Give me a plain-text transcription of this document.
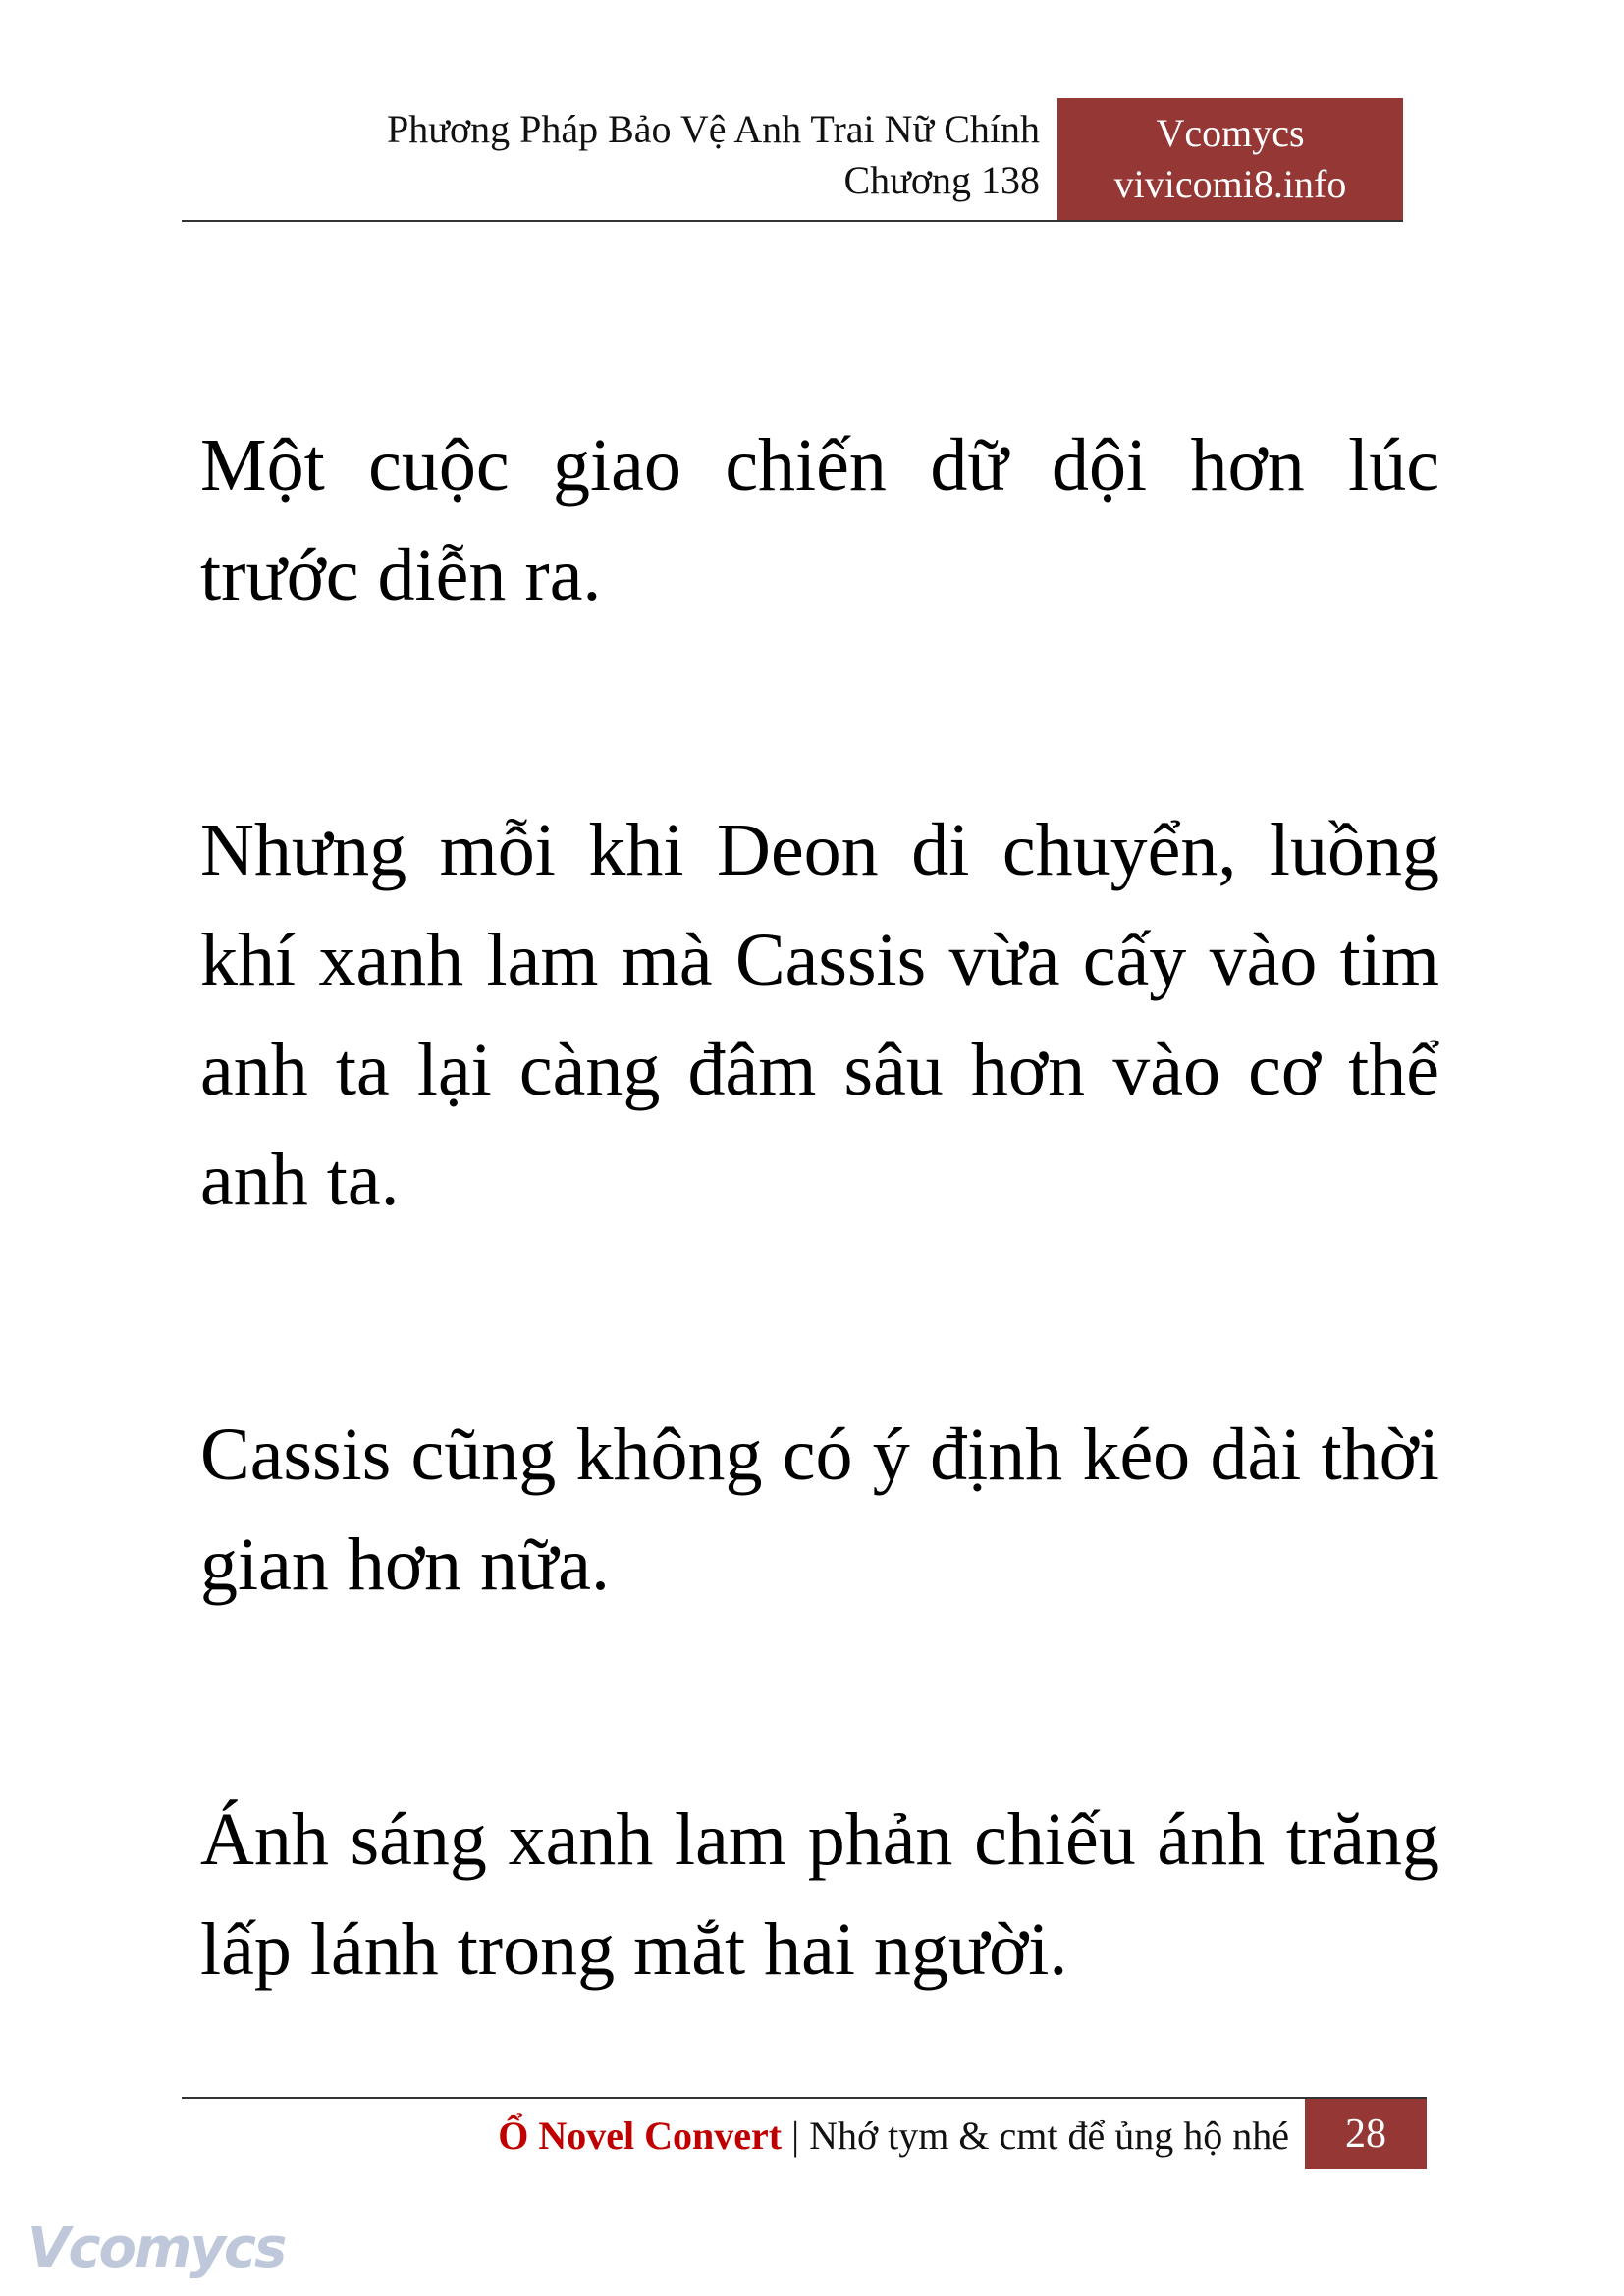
Phương Pháp Bảo Vệ Anh Trai Nữ Chính
Chương 138
Vcomycs
vivicomi8.info

Một cuộc giao chiến dữ dội hơn lúc trước diễn ra.

Nhưng mỗi khi Deon di chuyển, luồng khí xanh lam mà Cassis vừa cấy vào tim anh ta lại càng đâm sâu hơn vào cơ thể anh ta.

Cassis cũng không có ý định kéo dài thời gian hơn nữa.

Ánh sáng xanh lam phản chiếu ánh trăng lấp lánh trong mắt hai người.

Ổ Novel Convert | Nhớ tym & cmt để ủng hộ nhé	28
Vcomycs
